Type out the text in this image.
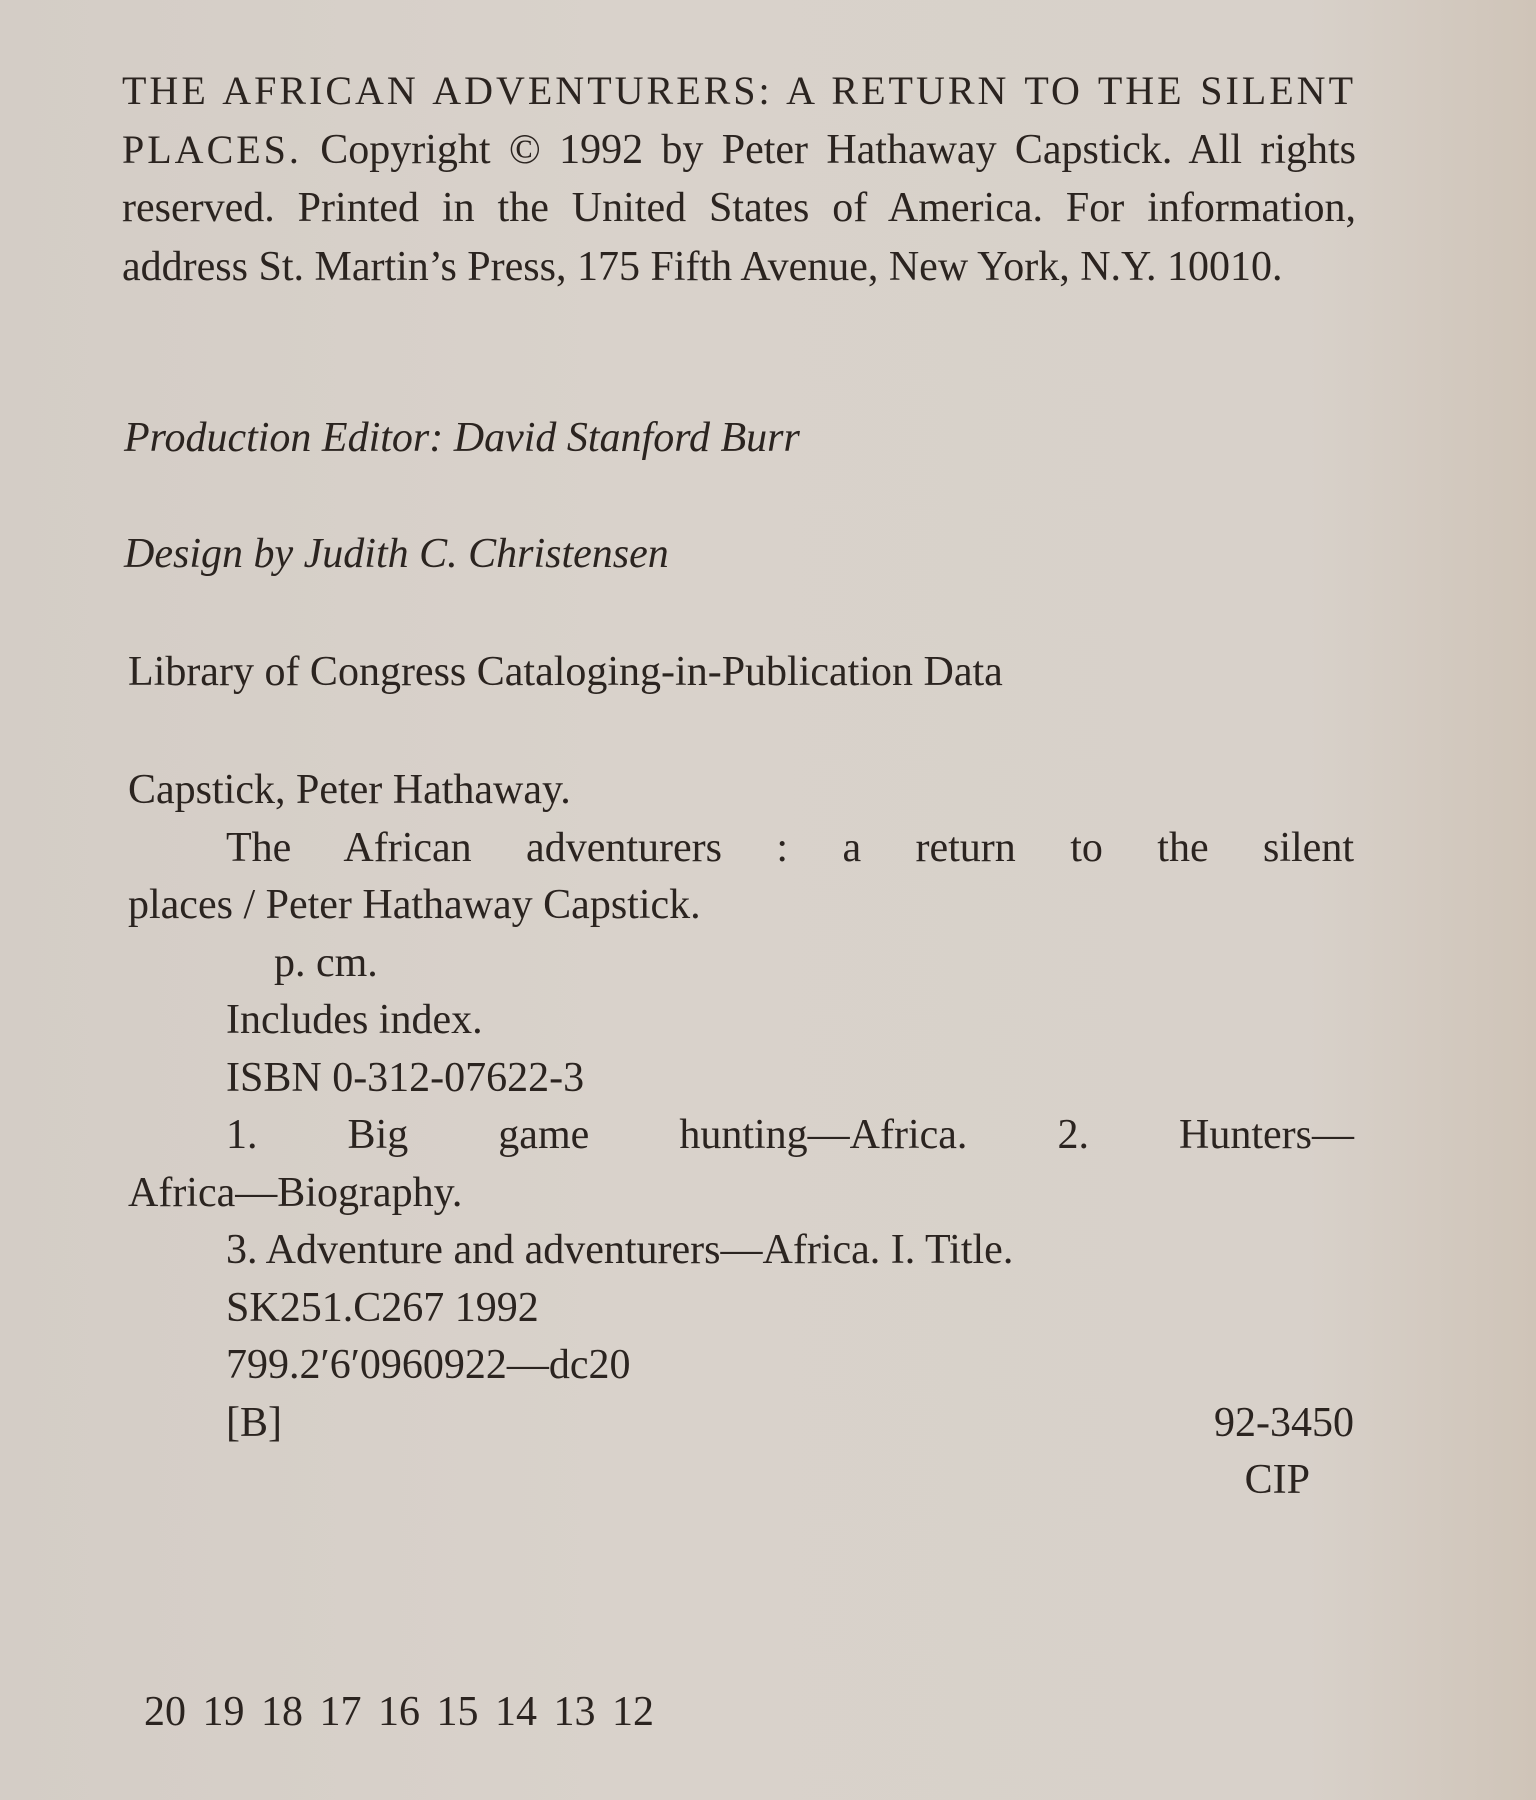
THE AFRICAN ADVENTURERS: A RETURN TO THE SILENT PLACES. Copyright © 1992 by Peter Hathaway Capstick. All rights reserved. Printed in the United States of America. For information, address St. Martin’s Press, 175 Fifth Avenue, New York, N.Y. 10010.

Production Editor: David Stanford Burr

Design by Judith C. Christensen

Library of Congress Cataloging-in-Publication Data

Capstick, Peter Hathaway.
The African adventurers : a return to the silent
places / Peter Hathaway Capstick.
p. cm.
Includes index.
ISBN 0-312-07622-3
1. Big game hunting—Africa. 2. Hunters—
Africa—Biography.
3. Adventure and adventurers—Africa. I. Title.
SK251.C267 1992
799.2′6′0960922—dc20
[B]	92-3450
CIP

20 19 18 17 16 15 14 13 12
